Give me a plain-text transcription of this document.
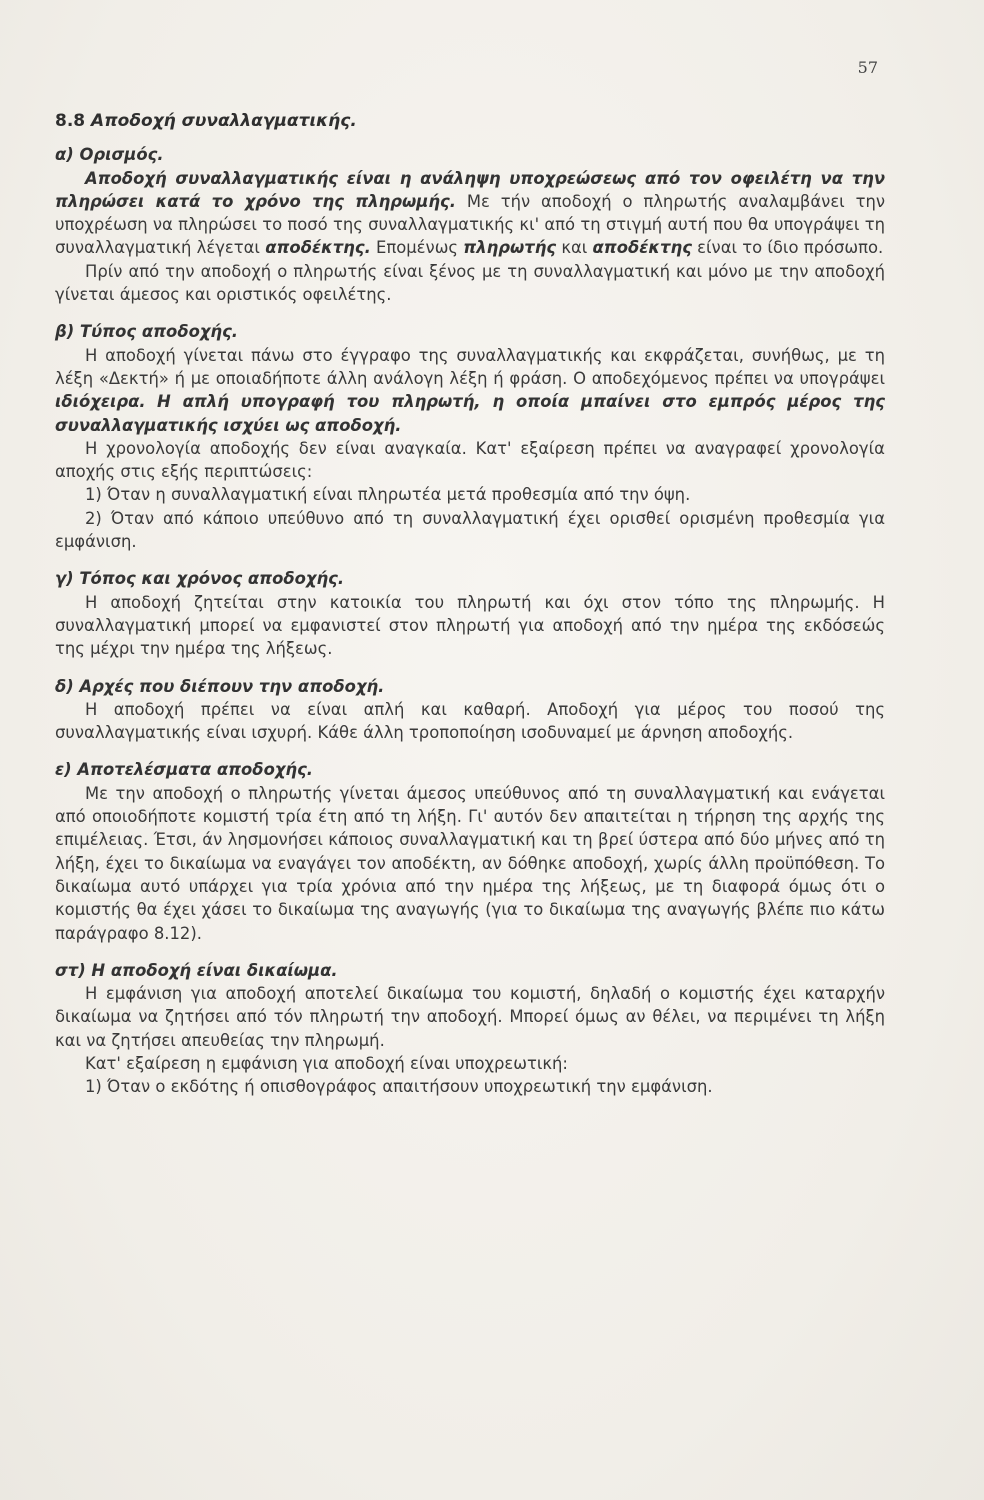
57
8.8 Αποδοχή συναλλαγματικής.
α) Ορισμός.

Αποδοχή συναλλαγματικής είναι η ανάληψη υποχρεώσεως από τον οφειλέτη να την πληρώσει κατά το χρόνο της πληρωμής. Με τήν αποδοχή ο πληρωτής αναλαμβάνει την υποχρέωση να πληρώσει το ποσό της συναλλαγματικής κι' από τη στιγμή αυτή που θα υπογράψει τη συναλλαγματική λέγεται αποδέκτης. Επομένως πληρωτής και αποδέκτης είναι το ίδιο πρόσωπο.

Πρίν από την αποδοχή ο πληρωτής είναι ξένος με τη συναλλαγματική και μόνο με την αποδοχή γίνεται άμεσος και οριστικός οφειλέτης.

β) Τύπος αποδοχής.

Η αποδοχή γίνεται πάνω στο έγγραφο της συναλλαγματικής και εκφράζεται, συνήθως, με τη λέξη «Δεκτή» ή με οποιαδήποτε άλλη ανάλογη λέξη ή φράση. Ο αποδεχόμενος πρέπει να υπογράψει ιδιόχειρα. Η απλή υπογραφή του πληρωτή, η οποία μπαίνει στο εμπρός μέρος της συναλλαγματικής ισχύει ως αποδοχή.

Η χρονολογία αποδοχής δεν είναι αναγκαία. Κατ' εξαίρεση πρέπει να αναγραφεί χρονολογία αποχής στις εξής περιπτώσεις:

1) Όταν η συναλλαγματική είναι πληρωτέα μετά προθεσμία από την όψη.

2) Όταν από κάποιο υπεύθυνο από τη συναλλαγματική έχει ορισθεί ορισμένη προθεσμία για εμφάνιση.

γ) Τόπος και χρόνος αποδοχής.

Η αποδοχή ζητείται στην κατοικία του πληρωτή και όχι στον τόπο της πληρωμής. Η συναλλαγματική μπορεί να εμφανιστεί στον πληρωτή για αποδοχή από την ημέρα της εκδόσεώς της μέχρι την ημέρα της λήξεως.

δ) Αρχές που διέπουν την αποδοχή.

Η αποδοχή πρέπει να είναι απλή και καθαρή. Αποδοχή για μέρος του ποσού της συναλλαγματικής είναι ισχυρή. Κάθε άλλη τροποποίηση ισοδυναμεί με άρνηση αποδοχής.

ε) Αποτελέσματα αποδοχής.

Με την αποδοχή ο πληρωτής γίνεται άμεσος υπεύθυνος από τη συναλλαγματική και ενάγεται από οποιοδήποτε κομιστή τρία έτη από τη λήξη. Γι' αυτόν δεν απαιτείται η τήρηση της αρχής της επιμέλειας. Έτσι, άν λησμονήσει κάποιος συναλλαγματική και τη βρεί ύστερα από δύο μήνες από τη λήξη, έχει το δικαίωμα να εναγάγει τον αποδέκτη, αν δόθηκε αποδοχή, χωρίς άλλη προϋπόθεση. Το δικαίωμα αυτό υπάρχει για τρία χρόνια από την ημέρα της λήξεως, με τη διαφορά όμως ότι ο κομιστής θα έχει χάσει το δικαίωμα της αναγωγής (για το δικαίωμα της αναγωγής βλέπε πιο κάτω παράγραφο 8.12).

στ) Η αποδοχή είναι δικαίωμα.

Η εμφάνιση για αποδοχή αποτελεί δικαίωμα του κομιστή, δηλαδή ο κομιστής έχει καταρχήν δικαίωμα να ζητήσει από τόν πληρωτή την αποδοχή. Μπορεί όμως αν θέλει, να περιμένει τη λήξη και να ζητήσει απευθείας την πληρωμή.

Κατ' εξαίρεση η εμφάνιση για αποδοχή είναι υποχρεωτική:

1) Όταν ο εκδότης ή οπισθογράφος απαιτήσουν υποχρεωτική την εμφάνιση.
